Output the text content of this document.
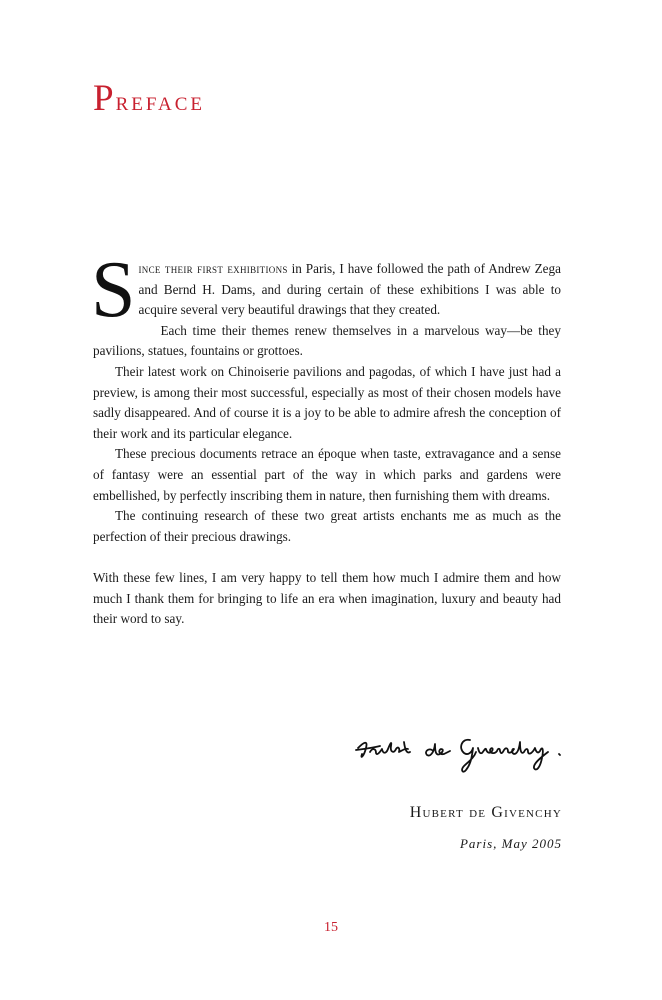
Preface

Since their first exhibitions in Paris, I have followed the path of Andrew Zega and Bernd H. Dams, and during certain of these exhibitions I was able to acquire several very beautiful drawings that they created.

Each time their themes renew themselves in a marvelous way—be they pavilions, statues, fountains or grottoes.

Their latest work on Chinoiserie pavilions and pagodas, of which I have just had a preview, is among their most successful, especially as most of their chosen models have sadly disappeared. And of course it is a joy to be able to admire afresh the conception of their work and its particular elegance.

These precious documents retrace an époque when taste, extravagance and a sense of fantasy were an essential part of the way in which parks and gardens were embellished, by perfectly inscribing them in nature, then furnishing them with dreams.

The continuing research of these two great artists enchants me as much as the perfection of their precious drawings.

With these few lines, I am very happy to tell them how much I admire them and how much I thank them for bringing to life an era when imagination, luxury and beauty had their word to say.

Hubert de Givenchy
Paris, May 2005
15
